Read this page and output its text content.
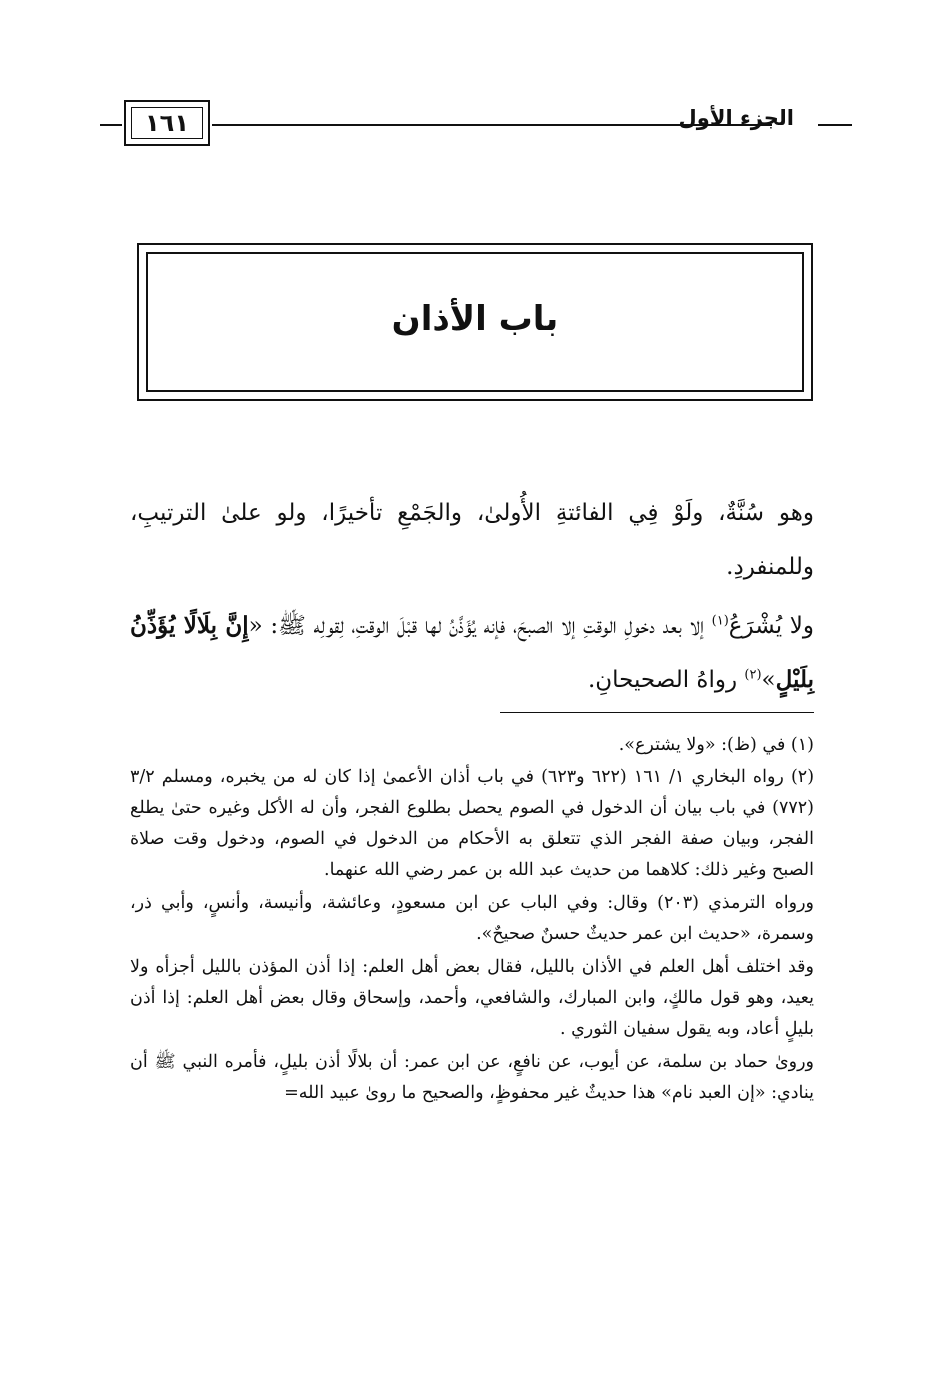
١٦١	الجزء الأول
باب الأذان

وهو سُنَّةٌ، ولَوْ فِي الفائتةِ الأُولىٰ، والجَمْعِ تأخيرًا، ولو علىٰ الترتيبِ، وللمنفردِ.

ولا يُشْرَعُ$^{(١)}$ إلا بعد دخولِ الوقتِ إلا الصبحَ، فإنه يُؤَذَّنُ لها قبْلَ الوقتِ، لِقولِه ﷺ: «إِنَّ بِلَالًا يُؤَذِّنُ بِلَيْلٍ»$^{(٢)}$ رواهُ الصحيحانِ.

(١) في (ظ): «ولا يشترع».

(٢) رواه البخاري ١/ ١٦١ (٦٢٢ و٦٢٣) في باب أذان الأعمىٰ إذا كان له من يخبره، ومسلم ٣/٢ (٧٧٢) في باب بيان أن الدخول في الصوم يحصل بطلوع الفجر، وأن له الأكل وغيره حتىٰ يطلع الفجر، وبيان صفة الفجر الذي تتعلق به الأحكام من الدخول في الصوم، ودخول وقت صلاة الصبح وغير ذلك: كلاهما من حديث عبد الله بن عمر رضي الله عنهما.

ورواه الترمذي (٢٠٣) وقال: وفي الباب عن ابن مسعودٍ، وعائشة، وأنيسة، وأنسٍ، وأبي ذر، وسمرة، «حديث ابن عمر حديثٌ حسنٌ صحيحٌ».

وقد اختلف أهل العلم في الأذان بالليل، فقال بعض أهل العلم: إذا أذن المؤذن بالليل أجزأه ولا يعيد، وهو قول مالكٍ، وابن المبارك، والشافعي، وأحمد، وإسحاق وقال بعض أهل العلم: إذا أذن بليلٍ أعاد، وبه يقول سفيان الثوري .

وروىٰ حماد بن سلمة، عن أيوب، عن نافعٍ، عن ابن عمر: أن بلالًا أذن بليلٍ، فأمره النبي ﷺ أن ينادي: «إن العبد نام» هذا حديثٌ غير محفوظٍ، والصحيح ما روىٰ عبيد الله=
